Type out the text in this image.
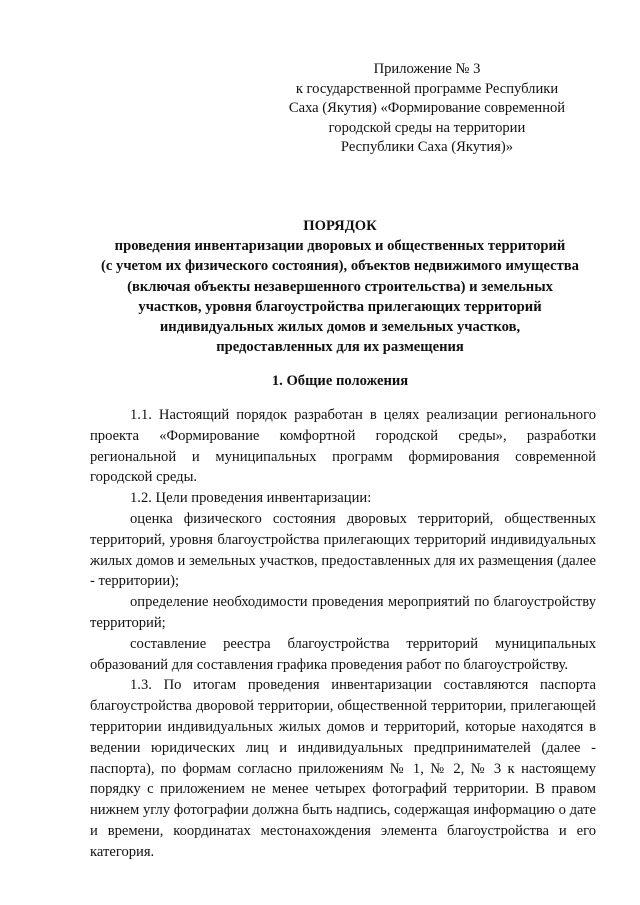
Приложение № 3
к государственной программе Республики
Саха (Якутия) «Формирование современной
городской среды на территории
Республики Саха (Якутия)»
ПОРЯДОК
проведения инвентаризации дворовых и общественных территорий
(с учетом их физического состояния), объектов недвижимого имущества
(включая объекты незавершенного строительства) и земельных
участков, уровня благоустройства прилегающих территорий
индивидуальных жилых домов и земельных участков,
предоставленных для их размещения
1. Общие положения

1.1. Настоящий порядок разработан в целях реализации регионального проекта «Формирование комфортной городской среды», разработки региональной и муниципальных программ формирования современной городской среды.

1.2. Цели проведения инвентаризации:

оценка физического состояния дворовых территорий, общественных территорий, уровня благоустройства прилегающих территорий индивидуальных жилых домов и земельных участков, предоставленных для их размещения (далее - территории);

определение необходимости проведения мероприятий по благоустройству территорий;

составление реестра благоустройства территорий муниципальных образований для составления графика проведения работ по благоустройству.

1.3. По итогам проведения инвентаризации составляются паспорта благоустройства дворовой территории, общественной территории, прилегающей территории индивидуальных жилых домов и территорий, которые находятся в ведении юридических лиц и индивидуальных предпринимателей (далее - паспорта), по формам согласно приложениям № 1, № 2, № 3 к настоящему порядку с приложением не менее четырех фотографий территории. В правом нижнем углу фотографии должна быть надпись, содержащая информацию о дате и времени, координатах местонахождения элемента благоустройства и его категория.
